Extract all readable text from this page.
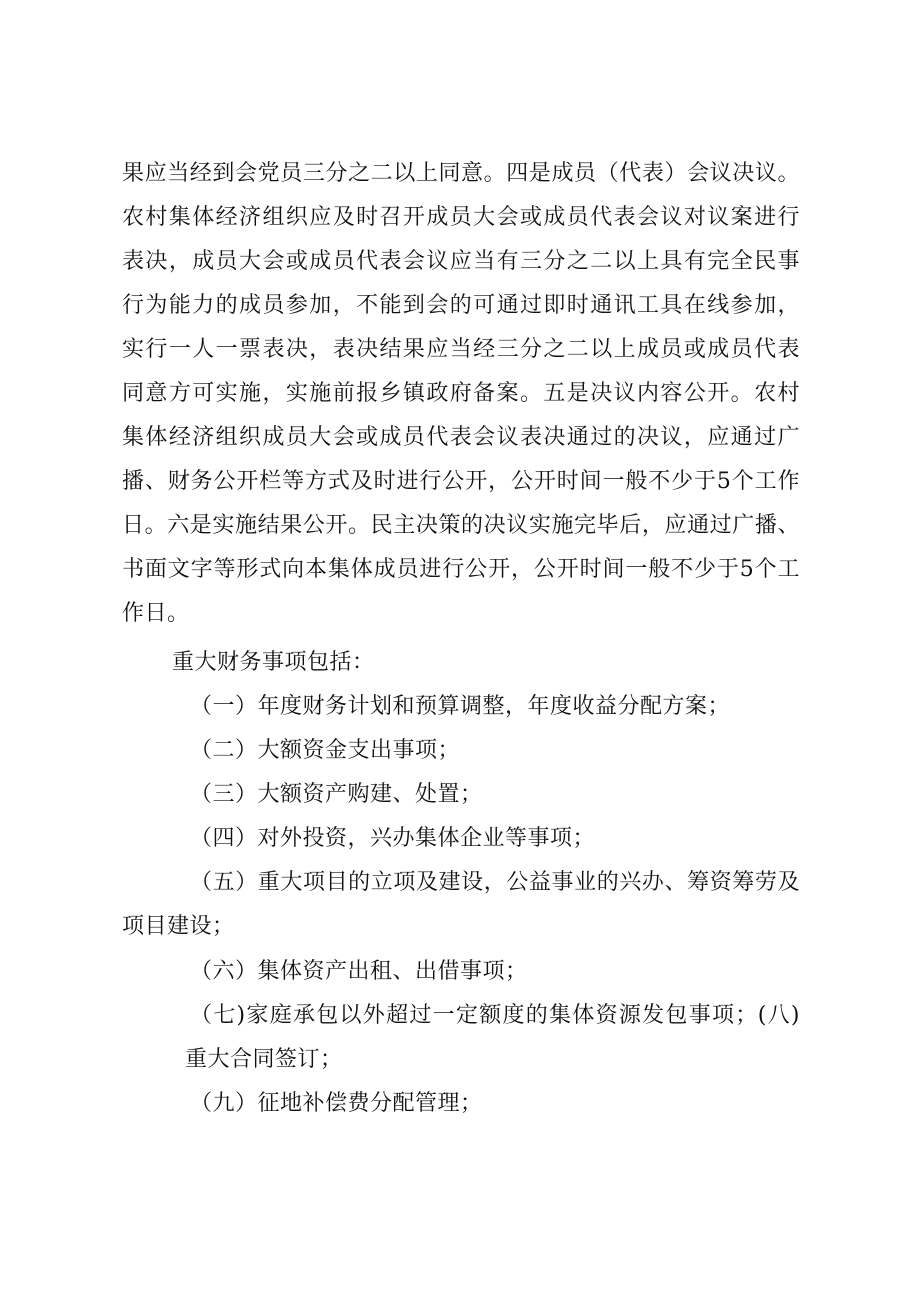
果应当经到会党员三分之二以上同意。四是成员（代表）会议决议。
农村集体经济组织应及时召开成员大会或成员代表会议对议案进行
表决，成员大会或成员代表会议应当有三分之二以上具有完全民事
行为能力的成员参加，不能到会的可通过即时通讯工具在线参加，
实行一人一票表决，表决结果应当经三分之二以上成员或成员代表
同意方可实施，实施前报乡镇政府备案。五是决议内容公开。农村
集体经济组织成员大会或成员代表会议表决通过的决议，应通过广
播、财务公开栏等方式及时进行公开，公开时间一般不少于5个工作
日。六是实施结果公开。民主决策的决议实施完毕后，应通过广播、
书面文字等形式向本集体成员进行公开，公开时间一般不少于5个工
作日。
重大财务事项包括：
（一）年度财务计划和预算调整，年度收益分配方案；
（二）大额资金支出事项；
（三）大额资产购建、处置；
（四）对外投资，兴办集体企业等事项；
（五）重大项目的立项及建设，公益事业的兴办、筹资筹劳及
项目建设；
（六）集体资产出租、出借事项；
（七)家庭承包以外超过一定额度的集体资源发包事项；(八)
重大合同签订；
（九）征地补偿费分配管理；
